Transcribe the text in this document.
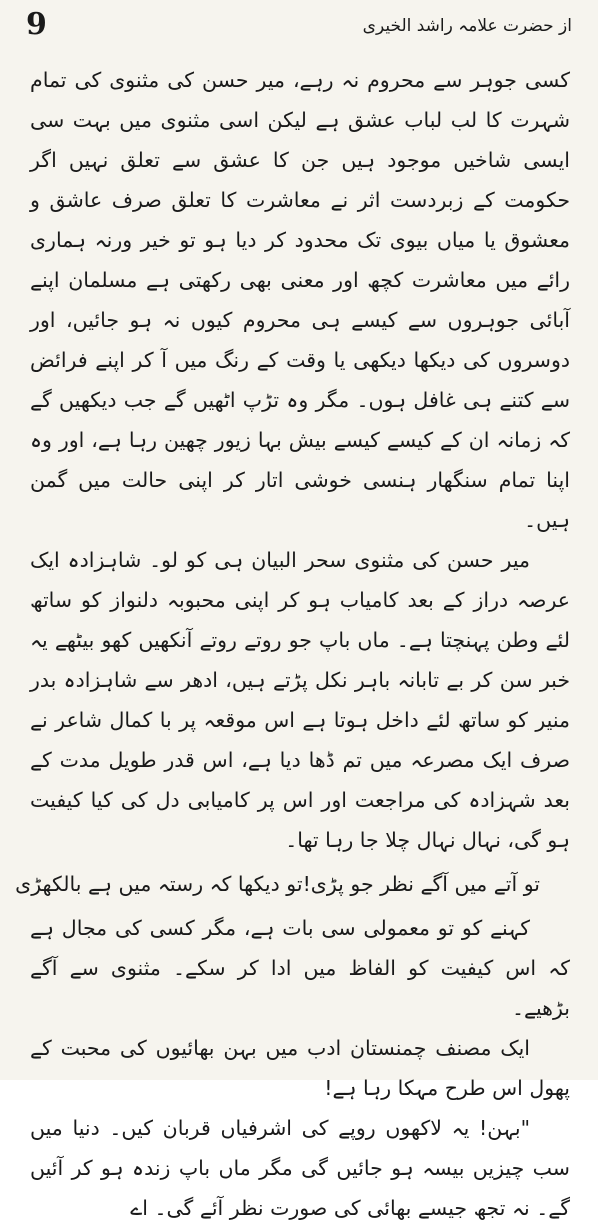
9	از حضرت علامہ راشد الخیری

کسی جوہر سے محروم نہ رہے، میر حسن کی مثنوی کی تمام شہرت کا لب لباب عشق ہے لیکن اسی مثنوی میں بہت سی ایسی شاخیں موجود ہیں جن کا عشق سے تعلق نہیں اگر حکومت کے زبردست اثر نے معاشرت کا تعلق صرف عاشق و معشوق یا میاں بیوی تک محدود کر دیا ہو تو خیر ورنہ ہماری رائے میں معاشرت کچھ اور معنی بھی رکھتی ہے مسلمان اپنے آبائی جوہروں سے کیسے ہی محروم کیوں نہ ہو جائیں، اور دوسروں کی دیکھا دیکھی یا وقت کے رنگ میں آ کر اپنے فرائض سے کتنے ہی غافل ہوں۔ مگر وہ تڑپ اٹھیں گے جب دیکھیں گے کہ زمانہ ان کے کیسے کیسے بیش بہا زیور چھین رہا ہے، اور وہ اپنا تمام سنگھار ہنسی خوشی اتار کر اپنی حالت میں گمن ہیں۔

میر حسن کی مثنوی سحر البیان ہی کو لو۔ شاہزادہ ایک عرصہ دراز کے بعد کامیاب ہو کر اپنی محبوبہ دلنواز کو ساتھ لئے وطن پہنچتا ہے۔ ماں باپ جو روتے روتے آنکھیں کھو بیٹھے یہ خبر سن کر بے تابانہ باہر نکل پڑتے ہیں، ادھر سے شاہزادہ بدر منیر کو ساتھ لئے داخل ہوتا ہے اس موقعہ پر با کمال شاعر نے صرف ایک مصرعہ میں تم ڈھا دیا ہے، اس قدر طویل مدت کے بعد شہزادہ کی مراجعت اور اس پر کامیابی دل کی کیا کیفیت ہو گی، نہال نہال چلا جا رہا تھا۔

تو آتے میں آگے نظر جو پڑی!
تو دیکھا کہ رستہ میں ہے بالکھڑی

کہنے کو تو معمولی سی بات ہے، مگر کسی کی مجال ہے کہ اس کیفیت کو الفاظ میں ادا کر سکے۔ مثنوی سے آگے بڑھیے۔

ایک مصنف چمنستان ادب میں بہن بھائیوں کی محبت کے پھول اس طرح مہکا رہا ہے!

"بہن! یہ لاکھوں روپے کی اشرفیاں قربان کیں۔ دنیا میں سب چیزیں بیسہ ہو جائیں گی مگر ماں باپ زندہ ہو کر آئیں گے۔ نہ تجھ جیسے بھائی کی صورت نظر آئے گی۔ اے
